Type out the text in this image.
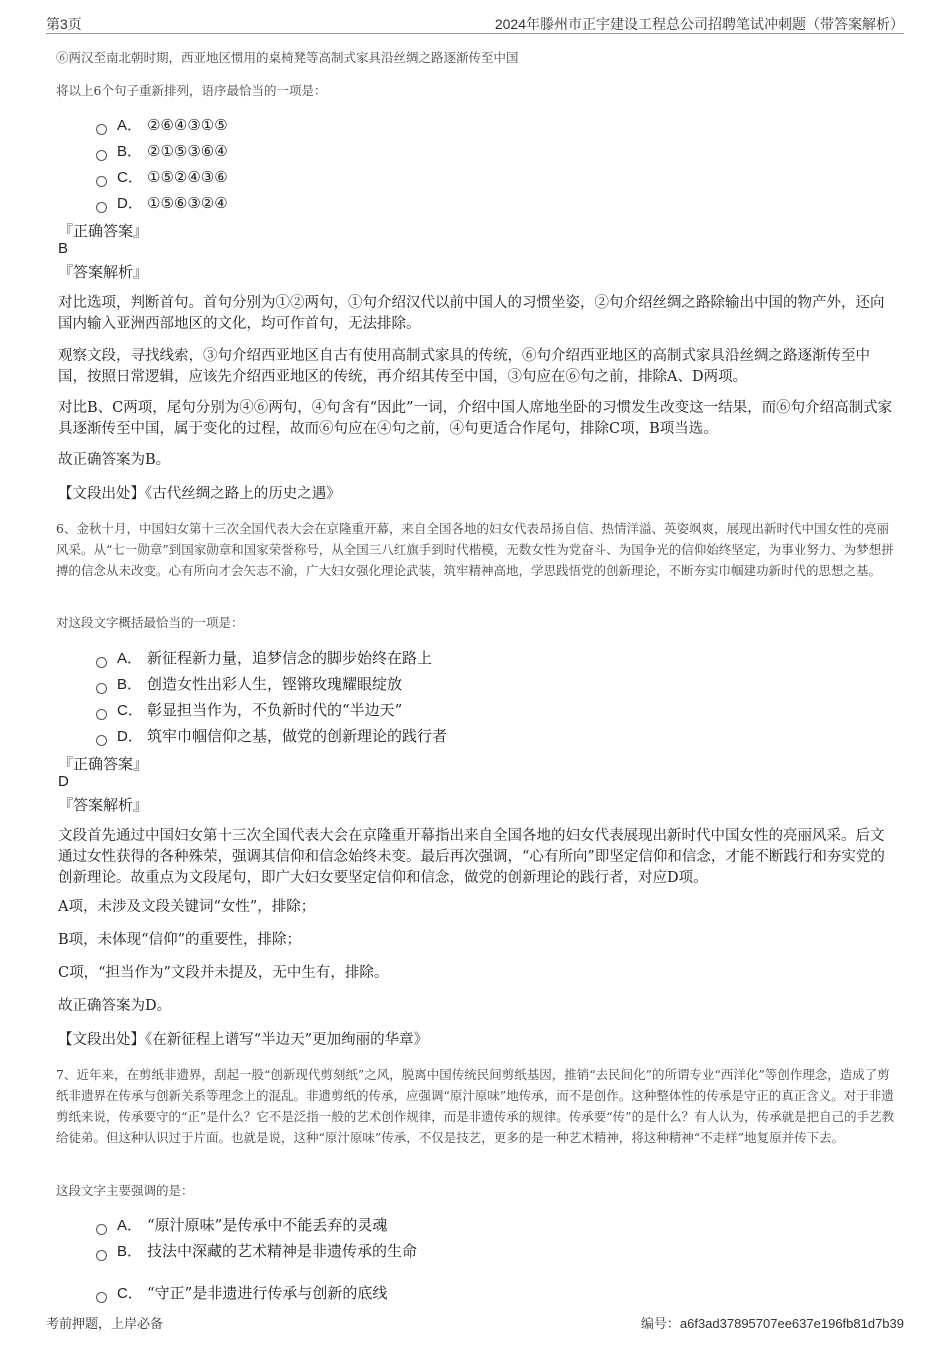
第3页	2024年滕州市正宇建设工程总公司招聘笔试冲刺题（带答案解析）
⑥两汉至南北朝时期，西亚地区惯用的桌椅凳等高制式家具沿丝绸之路逐渐传至中国
将以上6个句子重新排列，语序最恰当的一项是：
A． ②⑥④③①⑤
B． ②①⑤③⑥④
C． ①⑤②④③⑥
D． ①⑤⑥③②④
『正确答案』
B
『答案解析』
对比选项，判断首句。首句分别为①②两句，①句介绍汉代以前中国人的习惯坐姿，②句介绍丝绸之路除输出中国的物产外，还向国内输入亚洲西部地区的文化，均可作首句，无法排除。
观察文段，寻找线索，③句介绍西亚地区自古有使用高制式家具的传统，⑥句介绍西亚地区的高制式家具沿丝绸之路逐渐传至中国，按照日常逻辑，应该先介绍西亚地区的传统，再介绍其传至中国，③句应在⑥句之前，排除A、D两项。
对比B、C两项，尾句分别为④⑥两句，④句含有“因此”一词，介绍中国人席地坐卧的习惯发生改变这一结果，而⑥句介绍高制式家具逐渐传至中国，属于变化的过程，故而⑥句应在④句之前，④句更适合作尾句，排除C项，B项当选。
故正确答案为B。
【文段出处】《古代丝绸之路上的历史之遇》
6、金秋十月，中国妇女第十三次全国代表大会在京隆重开幕，来自全国各地的妇女代表昂扬自信、热情洋溢、英姿飒爽，展现出新时代中国女性的亮丽风采。从“七一勋章”到国家勋章和国家荣誉称号，从全国三八红旗手到时代楷模，无数女性为党奋斗、为国争光的信仰始终坚定，为事业努力、为梦想拼搏的信念从未改变。心有所向才会矢志不渝，广大妇女强化理论武装，筑牢精神高地，学思践悟党的创新理论，不断夯实巾帼建功新时代的思想之基。
对这段文字概括最恰当的一项是：
A． 新征程新力量，追梦信念的脚步始终在路上
B． 创造女性出彩人生，铿锵玫瑰耀眼绽放
C． 彰显担当作为，不负新时代的“半边天”
D． 筑牢巾帼信仰之基，做党的创新理论的践行者
『正确答案』
D
『答案解析』
文段首先通过中国妇女第十三次全国代表大会在京隆重开幕指出来自全国各地的妇女代表展现出新时代中国女性的亮丽风采。后文通过女性获得的各种殊荣，强调其信仰和信念始终未变。最后再次强调，“心有所向”即坚定信仰和信念，才能不断践行和夯实党的创新理论。故重点为文段尾句，即广大妇女要坚定信仰和信念，做党的创新理论的践行者，对应D项。
A项，未涉及文段关键词“女性”，排除；
B项，未体现“信仰”的重要性，排除；
C项，“担当作为”文段并未提及，无中生有，排除。
故正确答案为D。
【文段出处】《在新征程上谱写“半边天”更加绚丽的华章》
7、近年来，在剪纸非遗界，刮起一股“创新现代剪刻纸”之风，脱离中国传统民间剪纸基因，推销“去民间化”的所谓专业“西洋化”等创作理念，造成了剪纸非遗界在传承与创新关系等理念上的混乱。非遗剪纸的传承，应强调“原汁原味”地传承，而不是创作。这种整体性的传承是守正的真正含义。对于非遗剪纸来说，传承要守的“正”是什么？它不是泛指一般的艺术创作规律，而是非遗传承的规律。传承要“传”的是什么？有人认为，传承就是把自己的手艺教给徒弟。但这种认识过于片面。也就是说，这种“原汁原味”传承，不仅是技艺，更多的是一种艺术精神，将这种精神“不走样”地复原并传下去。
这段文字主要强调的是：
A． “原汁原味”是传承中不能丢弃的灵魂
B． 技法中深藏的艺术精神是非遗传承的生命
C． “守正”是非遗进行传承与创新的底线
考前押题，上岸必备	编号：a6f3ad37895707ee637e196fb81d7b39
